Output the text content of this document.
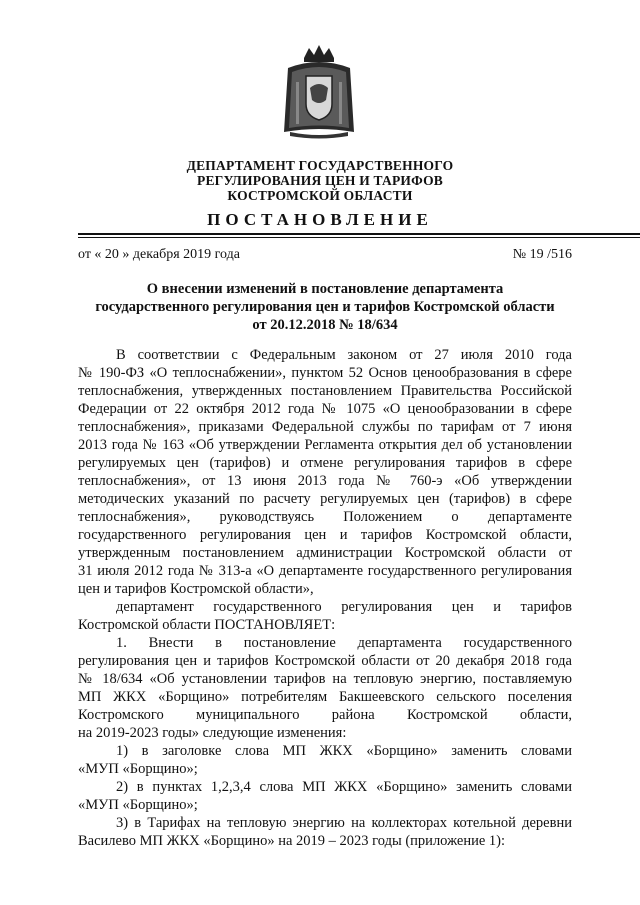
ДЕПАРТАМЕНТ ГОСУДАРСТВЕННОГО
РЕГУЛИРОВАНИЯ ЦЕН И ТАРИФОВ
КОСТРОМСКОЙ ОБЛАСТИ
ПОСТАНОВЛЕНИЕ
от « 20 » декабря 2019 года	№ 19 /516
О внесении изменений в постановление департамента
государственного регулирования цен и тарифов Костромской области
от 20.12.2018 № 18/634
В соответствии с Федеральным законом от 27 июля 2010 года
№ 190-ФЗ «О теплоснабжении», пунктом 52 Основ ценообразования в сфере
теплоснабжения, утвержденных постановлением Правительства Российской
Федерации от 22 октября 2012 года № 1075 «О ценообразовании в сфере
теплоснабжения», приказами Федеральной службы по тарифам от 7 июня
2013 года № 163 «Об утверждении Регламента открытия дел об установлении
регулируемых цен (тарифов) и отмене регулирования тарифов в сфере
теплоснабжения», от 13 июня 2013 года № 760-э «Об утверждении
методических указаний по расчету регулируемых цен (тарифов) в сфере
теплоснабжения», руководствуясь Положением о департаменте
государственного регулирования цен и тарифов Костромской области,
утвержденным постановлением администрации Костромской области от
31 июля 2012 года № 313-а «О департаменте государственного регулирования
цен и тарифов Костромской области»,
департамент государственного регулирования цен и тарифов
Костромской области ПОСТАНОВЛЯЕТ:
1. Внести в постановление департамента государственного
регулирования цен и тарифов Костромской области от 20 декабря 2018 года
№ 18/634 «Об установлении тарифов на тепловую энергию, поставляемую
МП ЖКХ «Борщино» потребителям Бакшеевского сельского поселения
Костромского муниципального района Костромской области,
на 2019-2023 годы» следующие изменения:
1) в заголовке слова МП ЖКХ «Борщино» заменить словами
«МУП «Борщино»;
2) в пунктах 1,2,3,4 слова МП ЖКХ «Борщино» заменить словами
«МУП «Борщино»;
3) в Тарифах на тепловую энергию на коллекторах котельной деревни
Василево МП ЖКХ «Борщино» на 2019 – 2023 годы (приложение 1):
